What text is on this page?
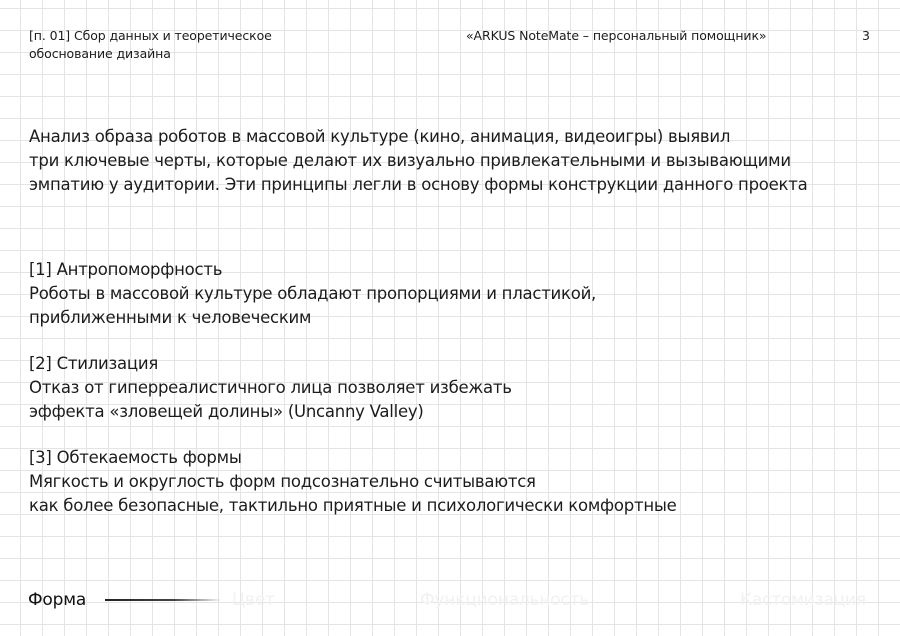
[п. 01] Сбор данных и теоретическое обоснование дизайна
«ARKUS NoteMate – персональный помощник»	3
Анализ образа роботов в массовой культуре (кино, анимация, видеоигры) выявил
три ключевые черты, которые делают их визуально привлекательными и вызывающими
эмпатию у аудитории. Эти принципы легли в основу формы конструкции данного проекта
[1] Антропоморфность
Роботы в массовой культуре обладают пропорциями и пластикой,
приближенными к человеческим
[2] Стилизация
Отказ от гиперреалистичного лица позволяет избежать
эффекта «зловещей долины» (Uncanny Valley)
[3] Обтекаемость формы
Мягкость и округлость форм подсознательно считываются
как более безопасные, тактильно приятные и психологически комфортные
Форма	Цвет	Функциональность	Кастомизация
